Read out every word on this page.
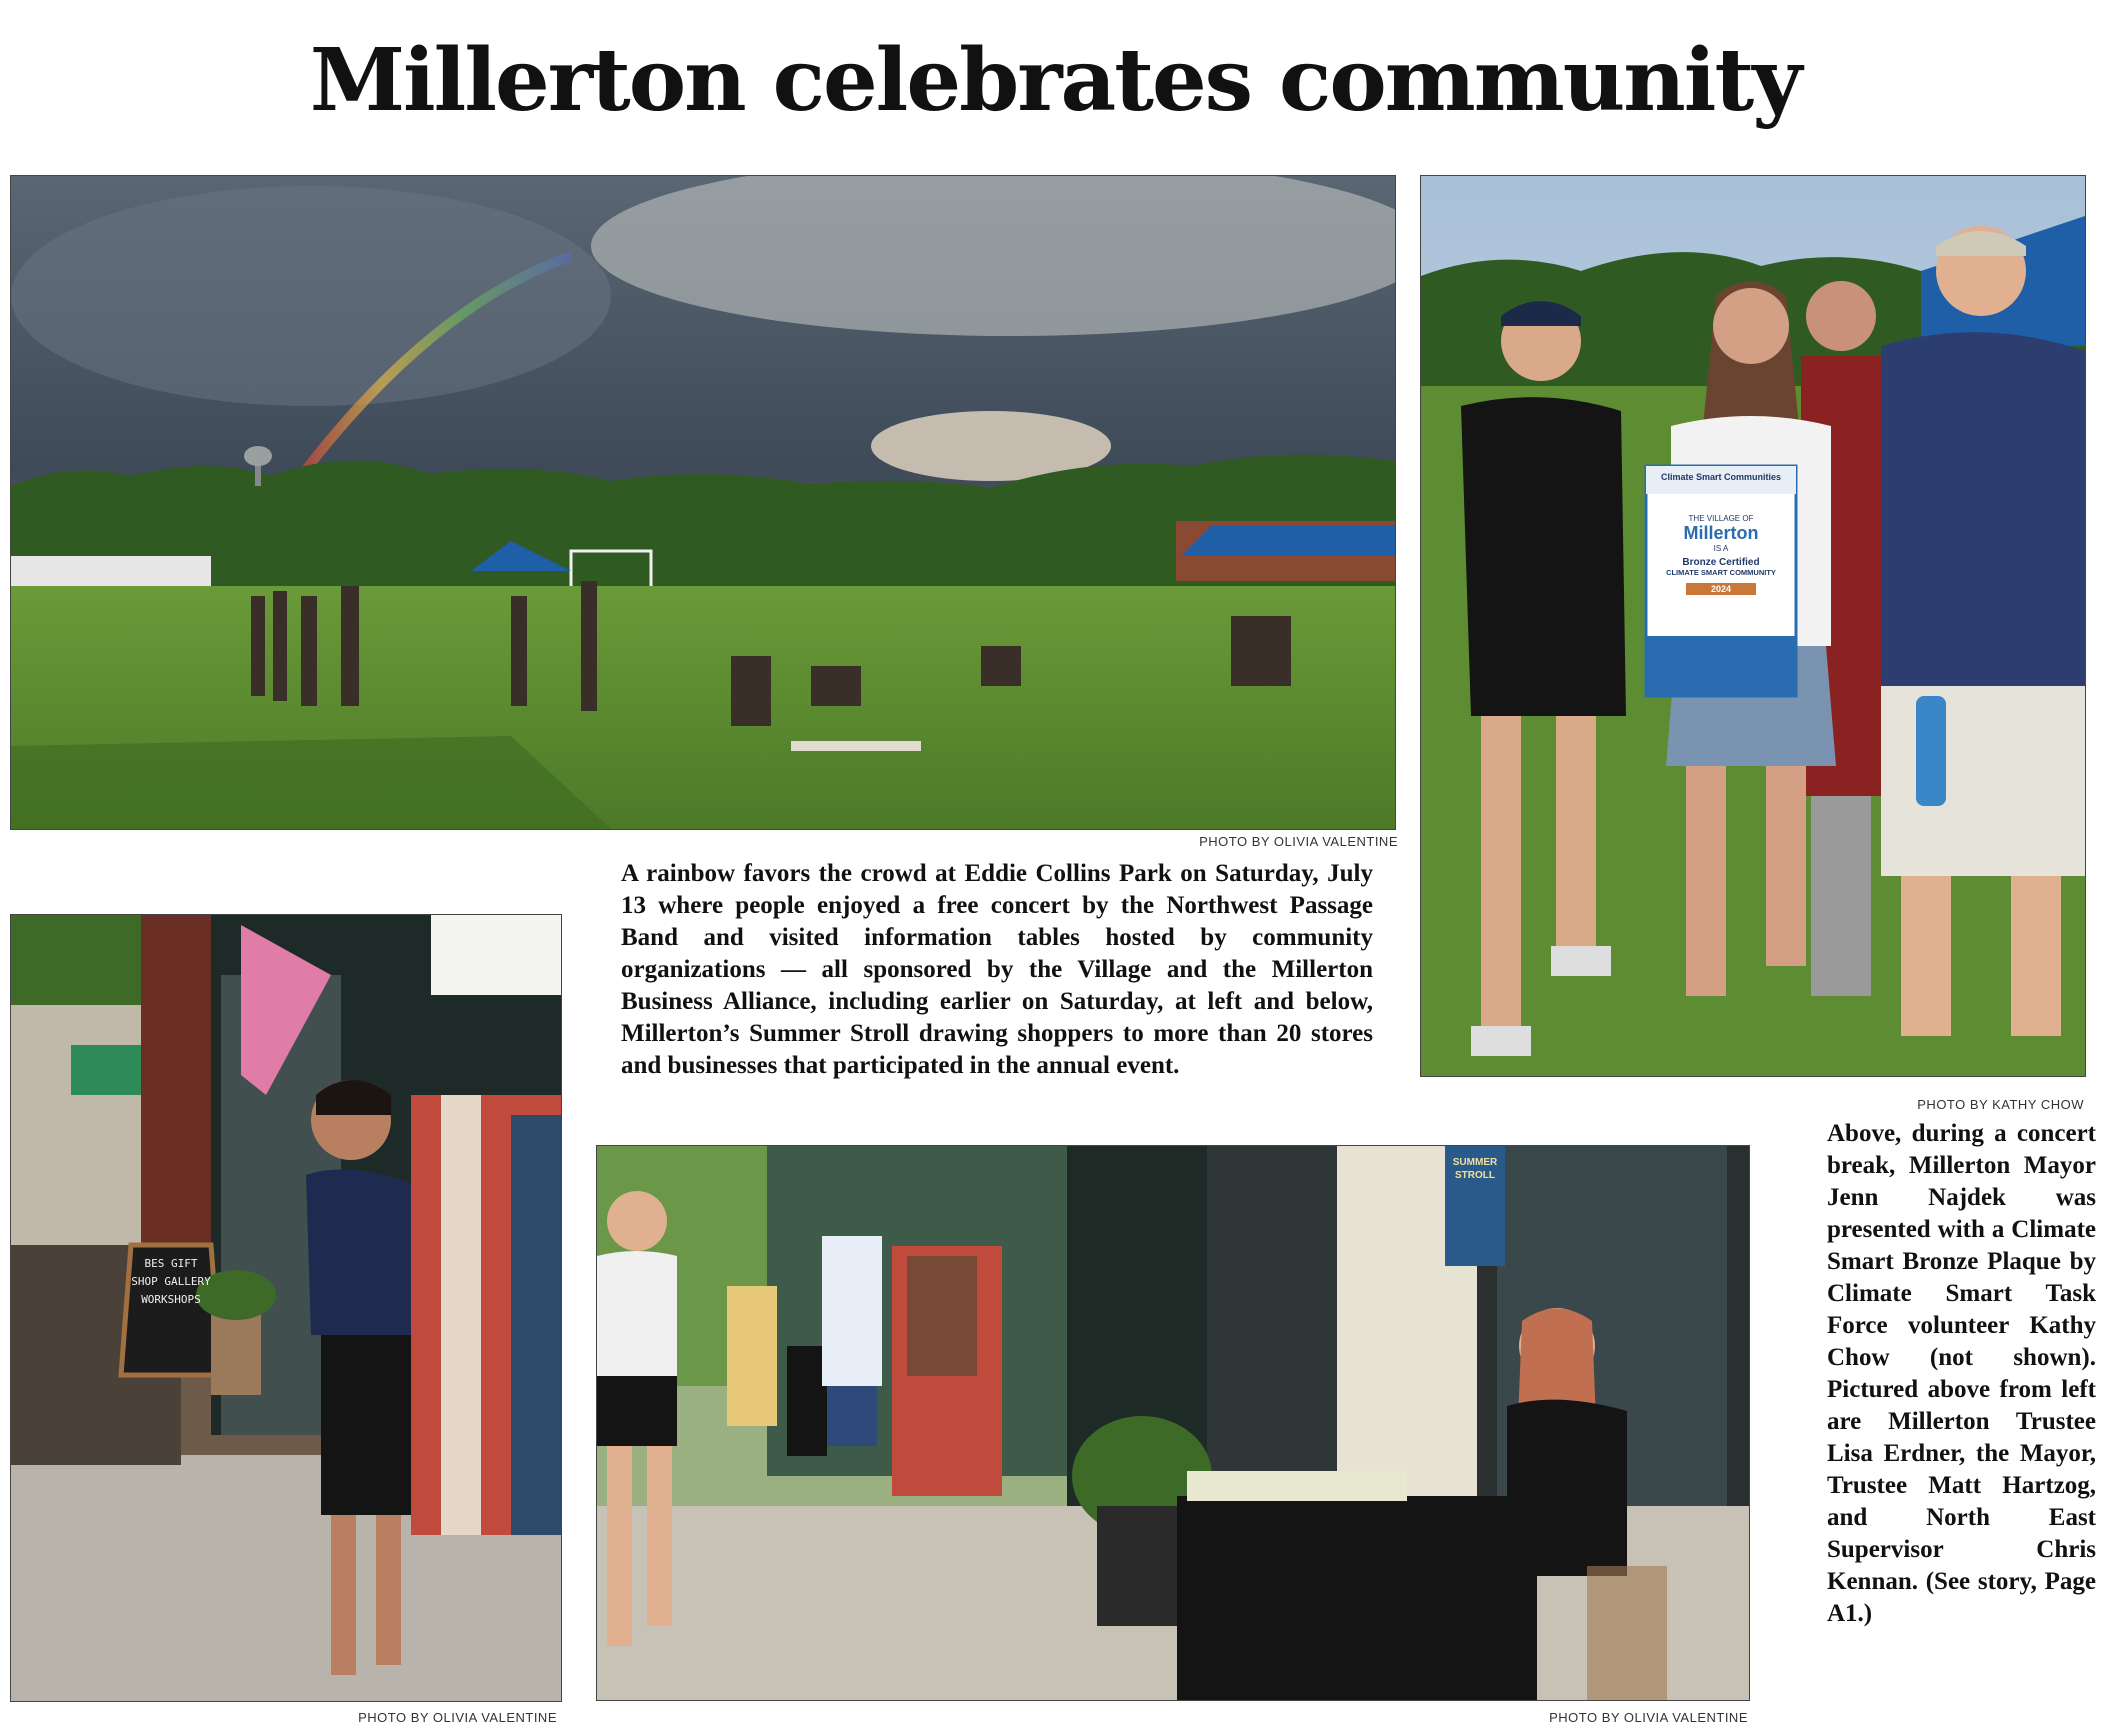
Millerton celebrates community
PHOTO BY OLIVIA VALENTINE
Climate Smart Communities
THE VILLAGE OF
Millerton
IS A
Bronze Certified
CLIMATE SMART COMMUNITY
2024
PHOTO BY KATHY CHOW
BES GIFT SHOP GALLERY WORKSHOPS
PHOTO BY OLIVIA VALENTINE
SUMMER STROLL
PHOTO BY OLIVIA VALENTINE

A rainbow favors the crowd at Eddie Collins Park on Saturday, July 13 where people enjoyed a free concert by the Northwest Passage Band and visited information tables hosted by community organizations — all sponsored by the Village and the Millerton Business Alliance, including earlier on Saturday, at left and below, Millerton’s Summer Stroll drawing shoppers to more than 20 stores and businesses that participated in the annual event.

Above, during a concert break, Millerton Mayor Jenn Najdek was presented with a Climate Smart Bronze Plaque by Climate Smart Task Force volunteer Kathy Chow (not shown). Pictured above from left are Millerton Trustee Lisa Erdner, the Mayor, Trustee Matt Hartzog, and North East Supervisor Chris Kennan. (See story, Page A1.)
